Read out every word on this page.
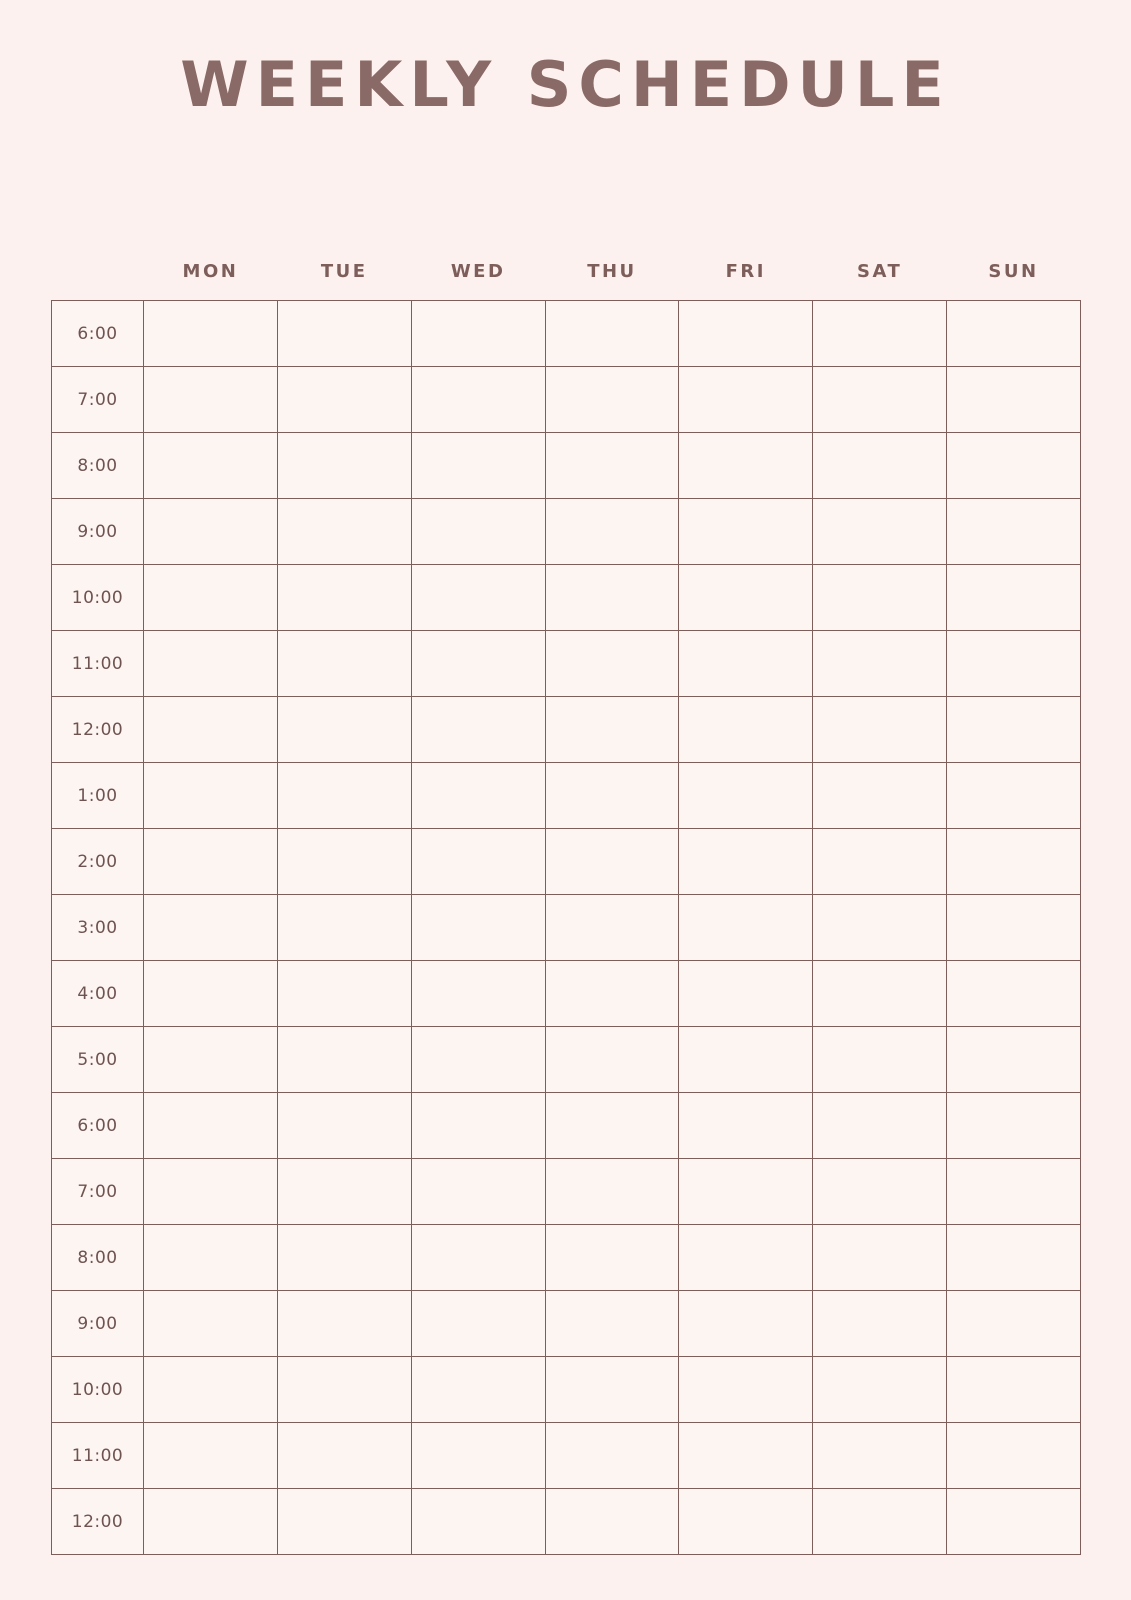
WEEKLY SCHEDULE
	MON	TUE	WED	THU	FRI	SAT	SUN
6:00							
7:00							
8:00							
9:00							
10:00							
11:00							
12:00							
1:00							
2:00							
3:00							
4:00							
5:00							
6:00							
7:00							
8:00							
9:00							
10:00							
11:00							
12:00							
